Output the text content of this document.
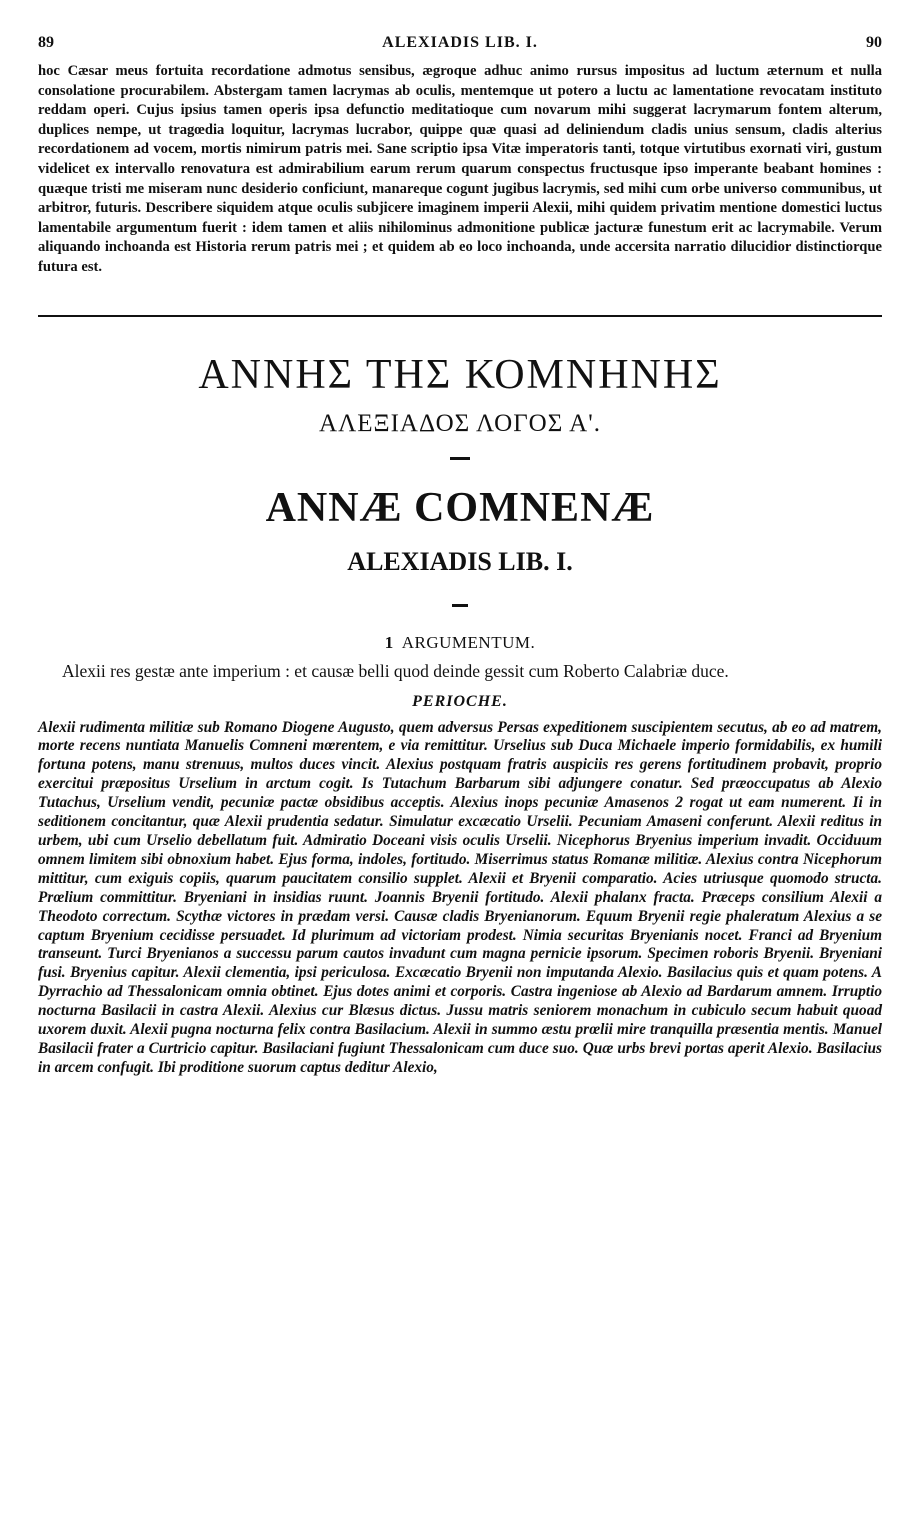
89	ALEXIADIS LIB. I.	90
hoc Cæsar meus fortuita recordatione admotus sensibus, ægroque adhuc animo rursus impositus ad luctum æternum et nulla consolatione procurabilem. Abstergam tamen lacrymas ab oculis, mentemque ut potero a luctu ac lamentatione revocatam instituto reddam operi. Cujus ipsius tamen operis ipsa defunctio meditatioque cum novarum mihi suggerat lacrymarum fontem alterum, duplices nempe, ut tragœdia loquitur, lacrymas lucrabor, quippe quæ quasi ad deliniendum cladis unius sensum, cladis alterius recordationem ad vocem, mortis nimirum patris mei. Sane scriptio ipsa Vitæ imperatoris tanti, totque virtutibus exornati viri, gustum videlicet ex intervallo renovatura est admirabilium earum rerum quarum conspectus fructusque ipso imperante beabant homines : quæque tristi me miseram nunc desiderio conficiunt, manareque cogunt jugibus lacrymis, sed mihi cum orbe universo communibus, ut arbitror, futuris. Describere siquidem atque oculis subjicere imaginem imperii Alexii, mihi quidem privatim mentione domestici luctus lamentabile argumentum fuerit : idem tamen et aliis nihilominus admonitione publicæ jacturæ funestum erit ac lacrymabile. Verum aliquando inchoanda est Historia rerum patris mei ; et quidem ab eo loco inchoanda, unde accersita narratio dilucidior distinctiorque futura est.
ΑΝΝΗΣ ΤΗΣ ΚΟΜΝΗΝΗΣ
ΑΛΕΞΙΑΔΟΣ ΛΟΓΟΣ Α'.
ANNÆ COMNENÆ
ALEXIADIS LIB. I.
1 ARGUMENTUM.
Alexii res gestæ ante imperium : et causæ belli quod deinde gessit cum Roberto Calabriæ duce.
PERIOCHE.
Alexii rudimenta militiæ sub Romano Diogene Augusto, quem adversus Persas expeditionem suscipientem secutus, ab eo ad matrem, morte recens nuntiata Manuelis Comneni mœrentem, e via remittitur. Urselius sub Duca Michaele imperio formidabilis, ex humili fortuna potens, manu strenuus, multos duces vincit. Alexius postquam fratris auspiciis res gerens fortitudinem probavit, proprio exercitui præpositus Urselium in arctum cogit. Is Tutachum Barbarum sibi adjungere conatur. Sed præoccupatus ab Alexio Tutachus, Urselium vendit, pecuniæ pactæ obsidibus acceptis. Alexius inops pecuniæ Amasenos 2 rogat ut eam numerent. Ii in seditionem concitantur, quæ Alexii prudentia sedatur. Simulatur excæcatio Urselii. Pecuniam Amaseni conferunt. Alexii reditus in urbem, ubi cum Urselio debellatum fuit. Admiratio Doceani visis oculis Urselii. Nicephorus Bryenius imperium invadit. Occiduum omnem limitem sibi obnoxium habet. Ejus forma, indoles, fortitudo. Miserrimus status Romanæ militiæ. Alexius contra Nicephorum mittitur, cum exiguis copiis, quarum paucitatem consilio supplet. Alexii et Bryenii comparatio. Acies utriusque quomodo structa. Prœlium committitur. Bryeniani in insidias ruunt. Joannis Bryenii fortitudo. Alexii phalanx fracta. Præceps consilium Alexii a Theodoto correctum. Scythæ victores in prædam versi. Causæ cladis Bryenianorum. Equum Bryenii regie phaleratum Alexius a se captum Bryenium cecidisse persuadet. Id plurimum ad victoriam prodest. Nimia securitas Bryenianis nocet. Franci ad Bryenium transeunt. Turci Bryenianos a successu parum cautos invadunt cum magna pernicie ipsorum. Specimen roboris Bryenii. Bryeniani fusi. Bryenius capitur. Alexii clementia, ipsi periculosa. Excæcatio Bryenii non imputanda Alexio. Basilacius quis et quam potens. A Dyrrachio ad Thessalonicam omnia obtinet. Ejus dotes animi et corporis. Castra ingeniose ab Alexio ad Bardarum amnem. Irruptio nocturna Basilacii in castra Alexii. Alexius cur Blæsus dictus. Jussu matris seniorem monachum in cubiculo secum habuit quoad uxorem duxit. Alexii pugna nocturna felix contra Basilacium. Alexii in summo æstu prœlii mire tranquilla præsentia mentis. Manuel Basilacii frater a Curtricio capitur. Basilaciani fugiunt Thessalonicam cum duce suo. Quæ urbs brevi portas aperit Alexio. Basilacius in arcem confugit. Ibi proditione suorum captus deditur Alexio,
